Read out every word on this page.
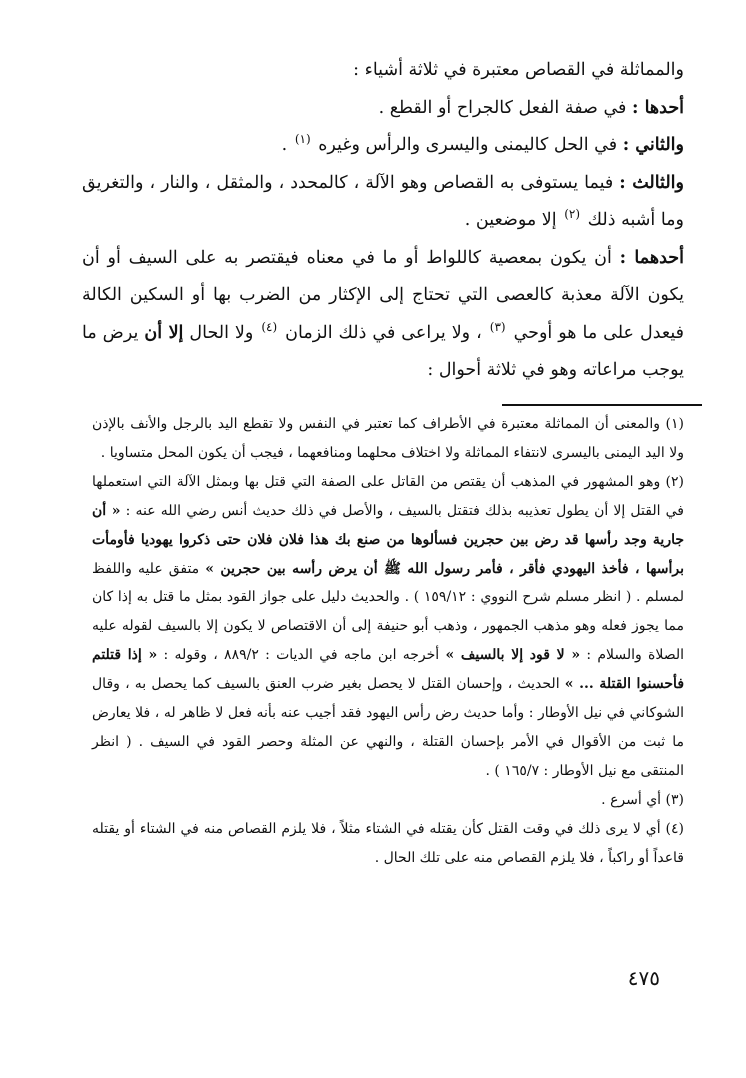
والمماثلة في القصاص معتبرة في ثلاثة أشياء :

أحدها : في صفة الفعل كالجراح أو القطع .

والثاني : في الحل كاليمنى واليسرى والرأس وغيره $^{(١)}$ .

والثالث : فيما يستوفى به القصاص وهو الآلة ، كالمحدد ، والمثقل ، والنار ، والتغريق وما أشبه ذلك $^{(٢)}$ إلا موضعين .

أحدهما : أن يكون بمعصية كاللواط أو ما في معناه فيقتصر به على السيف أو أن يكون الآلة معذبة كالعصى التي تحتاج إلى الإكثار من الضرب بها أو السكين الكالة فيعدل على ما هو أوحي $^{(٣)}$ ، ولا يراعى في ذلك الزمان $^{(٤)}$ ولا الحال إلا أن يرض ما يوجب مراعاته وهو في ثلاثة أحوال :

(١) والمعنى أن المماثلة معتبرة في الأطراف كما تعتبر في النفس ولا تقطع اليد بالرجل والأنف بالإذن ولا اليد اليمنى باليسرى لانتفاء المماثلة ولا اختلاف محلهما ومنافعهما ، فيجب أن يكون المحل متساويا .

(٢) وهو المشهور في المذهب أن يقتص من القاتل على الصفة التي قتل بها وبمثل الآلة التي استعملها في القتل إلا أن يطول تعذيبه بذلك فتقتل بالسيف ، والأصل في ذلك حديث أنس رضي الله عنه : « أن جارية وجد رأسها قد رض بين حجرين فسألوها من صنع بك هذا فلان فلان حتى ذكروا يهوديا فأومأت برأسها ، فأخذ اليهودي فأقر ، فأمر رسول الله ﷺ أن يرض رأسه بين حجرين » متفق عليه واللفظ لمسلم . ( انظر مسلم شرح النووي : ١٥٩/١٢ ) . والحديث دليل على جواز القود بمثل ما قتل به إذا كان مما يجوز فعله وهو مذهب الجمهور ، وذهب أبو حنيفة إلى أن الاقتصاص لا يكون إلا بالسيف لقوله عليه الصلاة والسلام : « لا قود إلا بالسيف » أخرجه ابن ماجه في الديات : ٨٨٩/٢ ، وقوله : « إذا قتلتم فأحسنوا القتلة ... » الحديث ، وإحسان القتل لا يحصل بغير ضرب العنق بالسيف كما يحصل به ، وقال الشوكاني في نيل الأوطار : وأما حديث رض رأس اليهود فقد أجيب عنه بأنه فعل لا ظاهر له ، فلا يعارض ما ثبت من الأقوال في الأمر بإحسان القتلة ، والنهي عن المثلة وحصر القود في السيف . ( انظر المنتقى مع نيل الأوطار : ١٦٥/٧ ) .

(٣) أي أسرع .

(٤) أي لا يرى ذلك في وقت القتل كأن يقتله في الشتاء مثلاً ، فلا يلزم القصاص منه في الشتاء أو يقتله قاعداً أو راكباً ، فلا يلزم القصاص منه على تلك الحال .

٤٧٥
